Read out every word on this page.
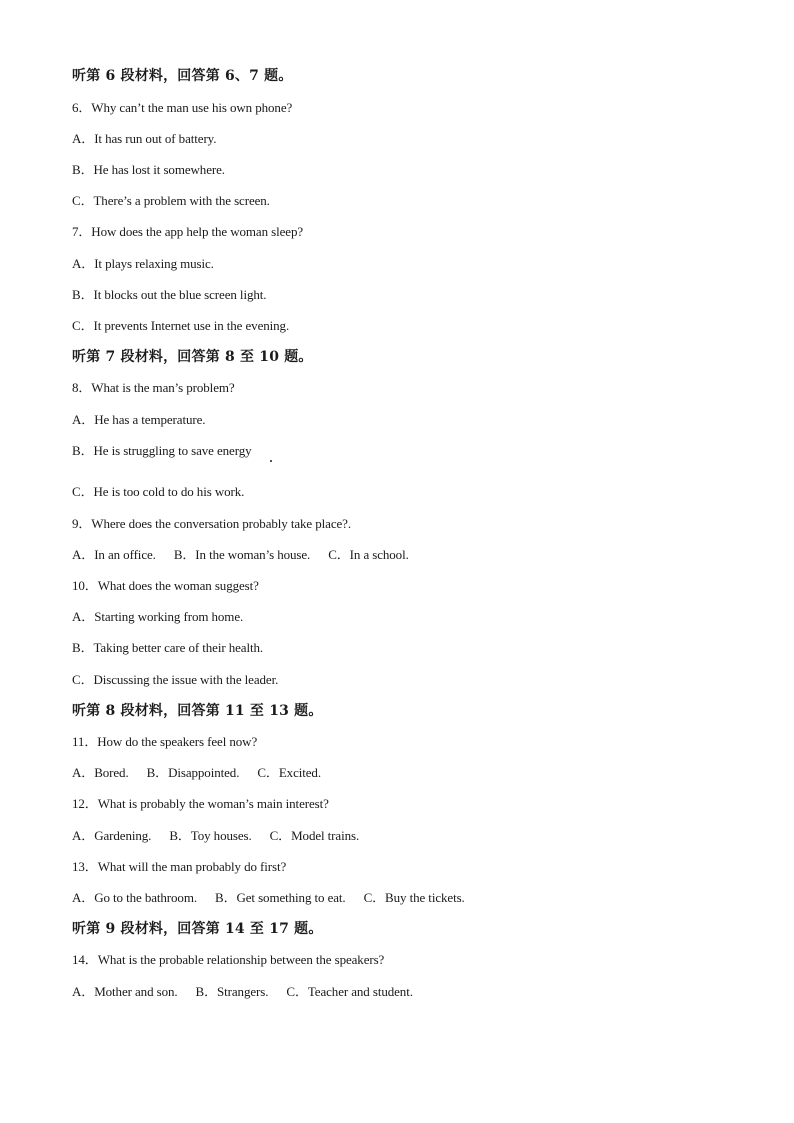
听第 6 段材料，回答第 6、7 题。
6．Why can’t the man use his own phone?
A．It has run out of battery.
B．He has lost it somewhere.
C．There’s a problem with the screen.
7．How does the app help the woman sleep?
A．It plays relaxing music.
B．It blocks out the blue screen light.
C．It prevents Internet use in the evening.
听第 7 段材料，回答第 8 至 10 题。
8．What is the man’s problem?
A．He has a temperature.
B．He is struggling to save energy
C．He is too cold to do his work.
9．Where does the conversation probably take place?.
A．In an office. B．In the woman’s house. C．In a school.
10．What does the woman suggest?
A．Starting working from home.
B．Taking better care of their health.
C．Discussing the issue with the leader.
听第 8 段材料，回答第 11 至 13 题。
11．How do the speakers feel now?
A．Bored. B．Disappointed. C．Excited.
12．What is probably the woman’s main interest?
A．Gardening. B．Toy houses. C．Model trains.
13．What will the man probably do first?
A．Go to the bathroom. B．Get something to eat. C．Buy the tickets.
听第 9 段材料，回答第 14 至 17 题。
14．What is the probable relationship between the speakers?
A．Mother and son. B．Strangers. C．Teacher and student.
